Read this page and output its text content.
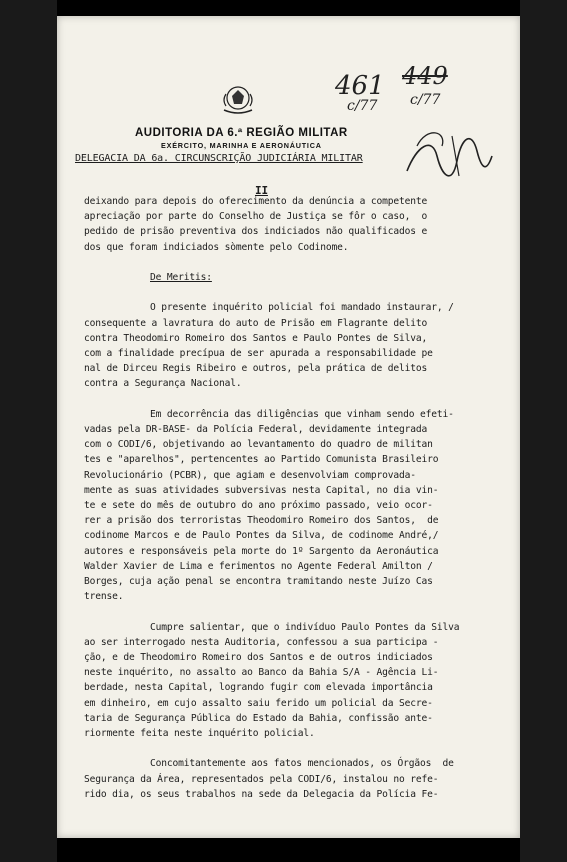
AUDITORIA DA 6.ª REGIÃO MILITAR
EXÉRCITO, MARINHA E AERONÁUTICA
DELEGACIA DA 6a. CIRCUNSCRIÇÃO JUDICIÁRIA MILITAR
II
461
c/77
449
c/77
deixando para depois do oferecimento da denúncia a competente
apreciação por parte do Conselho de Justiça se fôr o caso,  o
pedido de prisão preventiva dos indiciados não qualificados e
dos que foram indiciados sòmente pelo Codinome.
De Meritis:
O presente inquérito policial foi mandado instaurar, /
consequente a lavratura do auto de Prisão em Flagrante delito
contra Theodomiro Romeiro dos Santos e Paulo Pontes de Silva,
com a finalidade precípua de ser apurada a responsabilidade pe
nal de Dirceu Regis Ribeiro e outros, pela prática de delitos
contra a Segurança Nacional.
Em decorrência das diligências que vinham sendo efeti-
vadas pela DR-BASE- da Polícia Federal, devidamente integrada
com o CODI/6, objetivando ao levantamento do quadro de militan
tes e "aparelhos", pertencentes ao Partido Comunista Brasileiro
Revolucionário (PCBR), que agiam e desenvolviam comprovada-
mente as suas atividades subversivas nesta Capital, no dia vin-
te e sete do mês de outubro do ano próximo passado, veio ocor-
rer a prisão dos terroristas Theodomiro Romeiro dos Santos,  de
codinome Marcos e de Paulo Pontes da Silva, de codinome André,/
autores e responsáveis pela morte do 1º Sargento da Aeronáutica
Walder Xavier de Lima e ferimentos no Agente Federal Amilton /
Borges, cuja ação penal se encontra tramitando neste Juízo Cas
trense.
Cumpre salientar, que o indivíduo Paulo Pontes da Silva
ao ser interrogado nesta Auditoria, confessou a sua participa -
ção, e de Theodomiro Romeiro dos Santos e de outros indiciados
neste inquérito, no assalto ao Banco da Bahia S/A - Agência Li-
berdade, nesta Capital, logrando fugir com elevada importância
em dinheiro, em cujo assalto saiu ferido um policial da Secre-
taria de Segurança Pública do Estado da Bahia, confissão ante-
riormente feita neste inquérito policial.
Concomitantemente aos fatos mencionados, os Órgãos  de
Segurança da Área, representados pela CODI/6, instalou no refe-
rido dia, os seus trabalhos na sede da Delegacia da Polícia Fe-
